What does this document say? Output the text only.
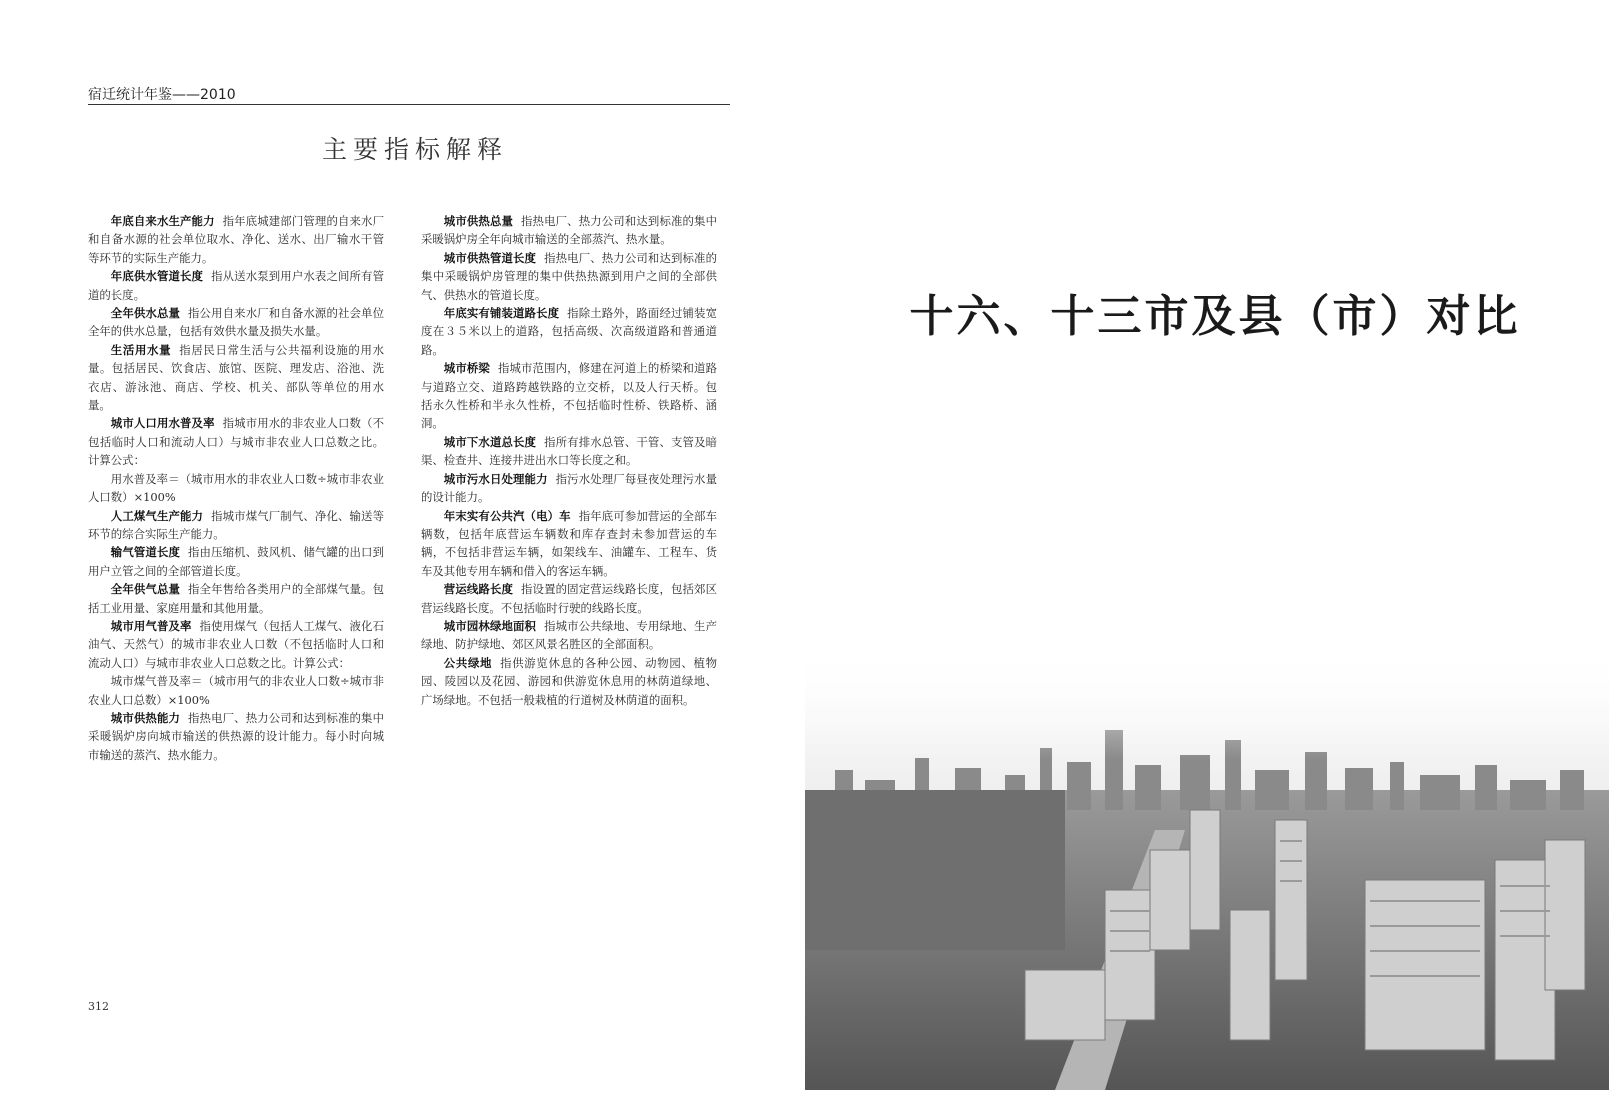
宿迁统计年鉴——2010
主要指标解释

年底自来水生产能力 指年底城建部门管理的自来水厂和自备水源的社会单位取水、净化、送水、出厂输水干管等环节的实际生产能力。

年底供水管道长度 指从送水泵到用户水表之间所有管道的长度。

全年供水总量 指公用自来水厂和自备水源的社会单位全年的供水总量，包括有效供水量及损失水量。

生活用水量 指居民日常生活与公共福利设施的用水量。包括居民、饮食店、旅馆、医院、理发店、浴池、洗衣店、游泳池、商店、学校、机关、部队等单位的用水量。

城市人口用水普及率 指城市用水的非农业人口数（不包括临时人口和流动人口）与城市非农业人口总数之比。计算公式：

用水普及率＝（城市用水的非农业人口数÷城市非农业人口数）×100%

人工煤气生产能力 指城市煤气厂制气、净化、输送等环节的综合实际生产能力。

输气管道长度 指由压缩机、鼓风机、储气罐的出口到用户立管之间的全部管道长度。

全年供气总量 指全年售给各类用户的全部煤气量。包括工业用量、家庭用量和其他用量。

城市用气普及率 指使用煤气（包括人工煤气、液化石油气、天然气）的城市非农业人口数（不包括临时人口和流动人口）与城市非农业人口总数之比。计算公式：

城市煤气普及率＝（城市用气的非农业人口数÷城市非农业人口总数）×100%

城市供热能力 指热电厂、热力公司和达到标准的集中采暖锅炉房向城市输送的供热源的设计能力。每小时向城市输送的蒸汽、热水能力。

城市供热总量 指热电厂、热力公司和达到标准的集中采暖锅炉房全年向城市输送的全部蒸汽、热水量。

城市供热管道长度 指热电厂、热力公司和达到标准的集中采暖锅炉房管理的集中供热热源到用户之间的全部供气、供热水的管道长度。

年底实有铺装道路长度 指除土路外，路面经过铺装宽度在３５米以上的道路，包括高级、次高级道路和普通道路。

城市桥梁 指城市范围内，修建在河道上的桥梁和道路与道路立交、道路跨越铁路的立交桥，以及人行天桥。包括永久性桥和半永久性桥，不包括临时性桥、铁路桥、涵洞。

城市下水道总长度 指所有排水总管、干管、支管及暗渠、检查井、连接井进出水口等长度之和。

城市污水日处理能力 指污水处理厂每昼夜处理污水量的设计能力。

年末实有公共汽（电）车 指年底可参加营运的全部车辆数，包括年底营运车辆数和库存查封未参加营运的车辆，不包括非营运车辆，如架线车、油罐车、工程车、货车及其他专用车辆和借入的客运车辆。

营运线路长度 指设置的固定营运线路长度，包括郊区营运线路长度。不包括临时行驶的线路长度。

城市园林绿地面积 指城市公共绿地、专用绿地、生产绿地、防护绿地、郊区风景名胜区的全部面积。

公共绿地 指供游览休息的各种公园、动物园、植物园、陵园以及花园、游园和供游览休息用的林荫道绿地、广场绿地。不包括一般栽植的行道树及林荫道的面积。

312
十六、十三市及县（市）对比
